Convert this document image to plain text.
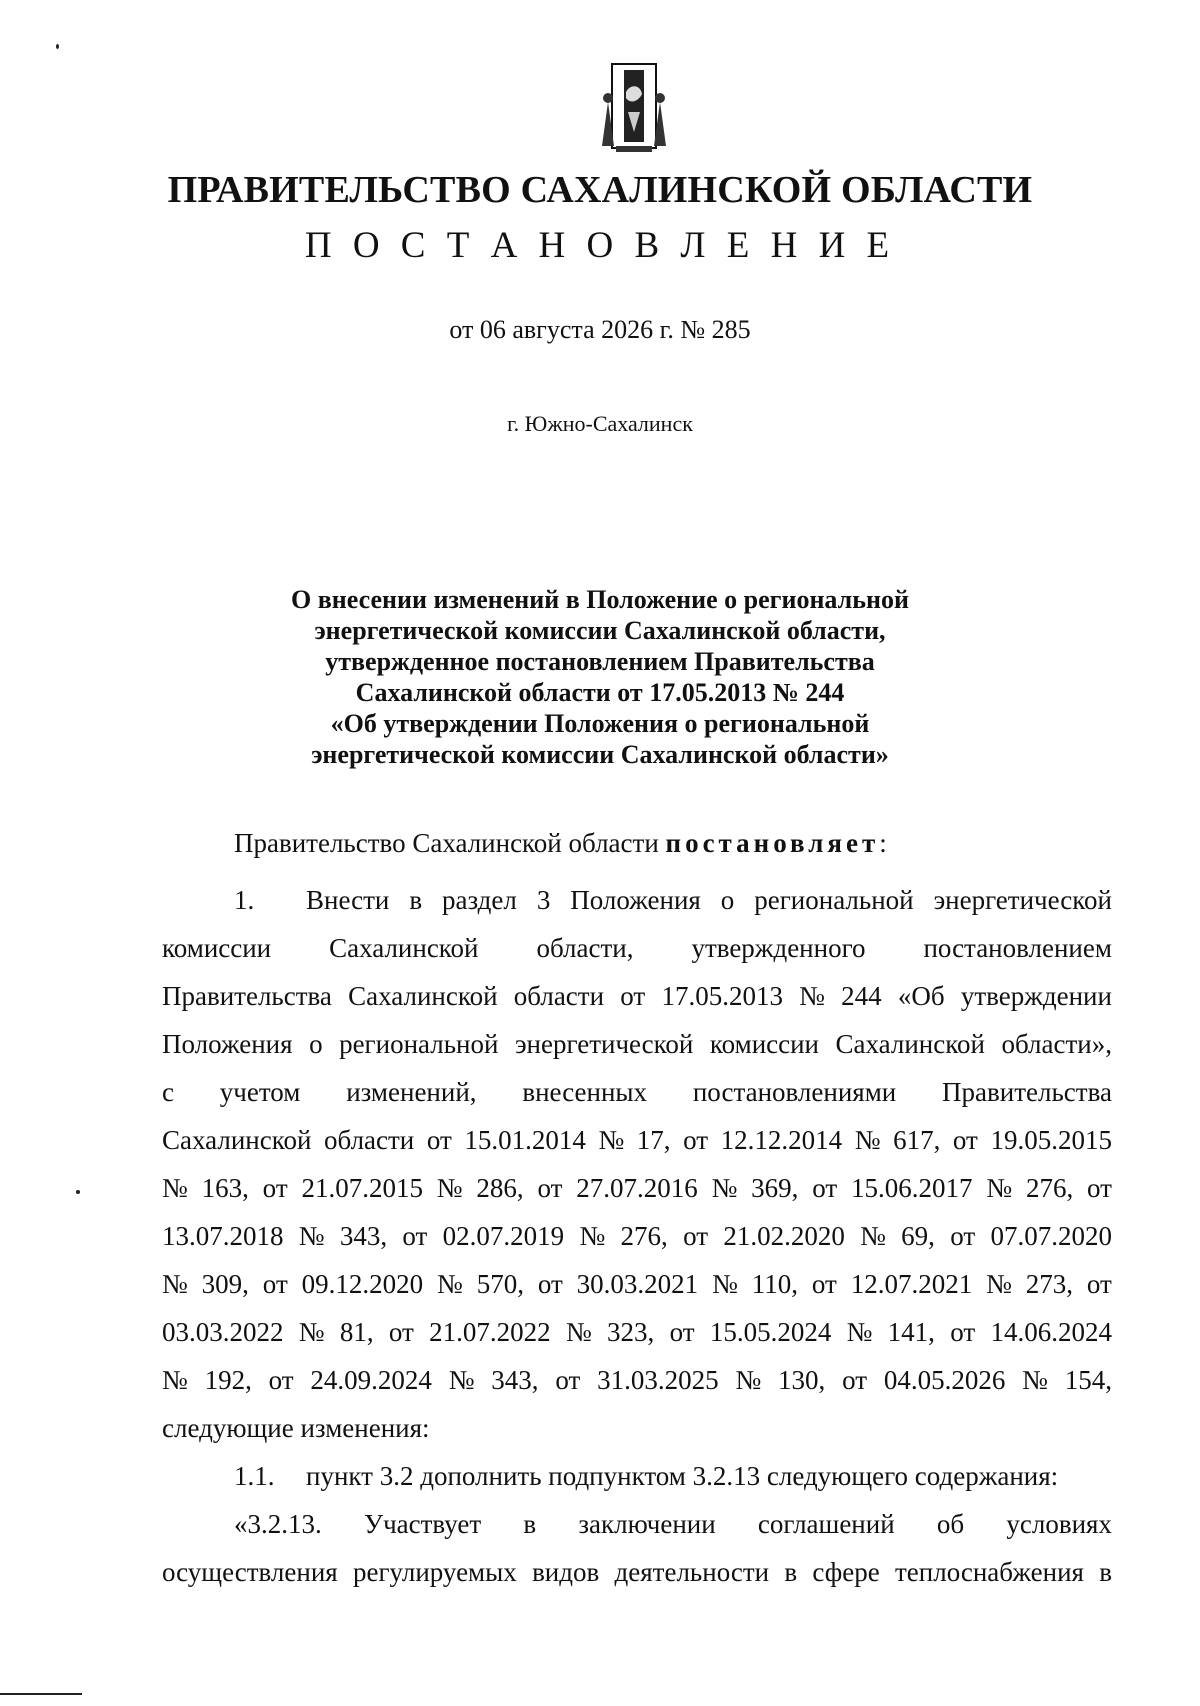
ПРАВИТЕЛЬСТВО САХАЛИНСКОЙ ОБЛАСТИ
П О С Т А Н О В Л Е Н И Е
от 06 августа 2026 г. № 285
г. Южно-Сахалинск
О внесении изменений в Положение о региональной
энергетической комиссии Сахалинской области,
утвержденное постановлением Правительства
Сахалинской области от 17.05.2013 № 244
«Об утверждении Положения о региональной
энергетической комиссии Сахалинской области»
Правительство Сахалинской области постановляет:
1. Внести в раздел 3 Положения о региональной энергетической
комиссии Сахалинской области, утвержденного постановлением
Правительства Сахалинской области от 17.05.2013 № 244 «Об утверждении
Положения о региональной энергетической комиссии Сахалинской области»,
с учетом изменений, внесенных постановлениями Правительства
Сахалинской области от 15.01.2014 № 17, от 12.12.2014 № 617, от 19.05.2015
№ 163, от 21.07.2015 № 286, от 27.07.2016 № 369, от 15.06.2017 № 276, от
13.07.2018 № 343, от 02.07.2019 № 276, от 21.02.2020 № 69, от 07.07.2020
№ 309, от 09.12.2020 № 570, от 30.03.2021 № 110, от 12.07.2021 № 273, от
03.03.2022 № 81, от 21.07.2022 № 323, от 15.05.2024 № 141, от 14.06.2024
№ 192, от 24.09.2024 № 343, от 31.03.2025 № 130, от 04.05.2026 № 154,
следующие изменения:
1.1. пункт 3.2 дополнить подпунктом 3.2.13 следующего содержания:
«3.2.13. Участвует в заключении соглашений об условиях
осуществления регулируемых видов деятельности в сфере теплоснабжения в
